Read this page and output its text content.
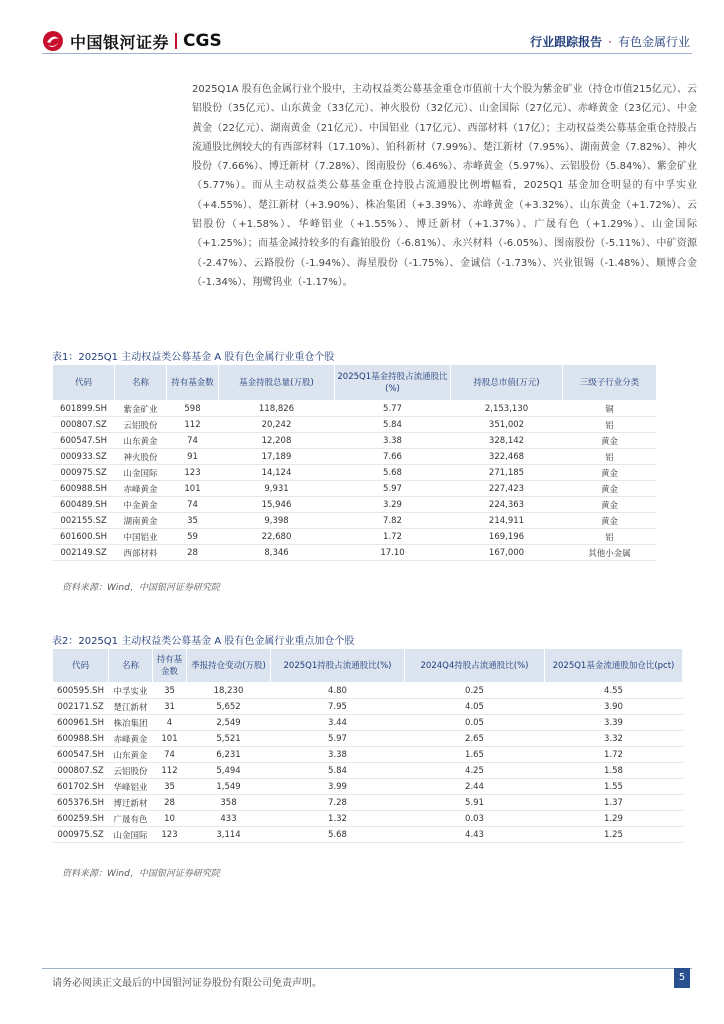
中国银河证券 CGS	行业跟踪报告 · 有色金属行业
2025Q1A 股有色金属行业个股中，主动权益类公募基金重仓市值前十大个股为紫金矿业（持仓市值215亿元）、云铝股份（35亿元）、山东黄金（33亿元）、神火股份（32亿元）、山金国际（27亿元）、赤峰黄金（23亿元）、中金黄金（22亿元）、湖南黄金（21亿元）、中国铝业（17亿元）、西部材料（17亿）；主动权益类公募基金重仓持股占流通股比例较大的有西部材料（17.10%）、铂科新材（7.99%）、楚江新材（7.95%）、湖南黄金（7.82%）、神火股份（7.66%）、博迁新材（7.28%）、图南股份（6.46%）、赤峰黄金（5.97%）、云铝股份（5.84%）、紫金矿业（5.77%）。而从主动权益类公募基金重仓持股占流通股比例增幅看，2025Q1 基金加仓明显的有中孚实业（+4.55%）、楚江新材（+3.90%）、株冶集团（+3.39%）、赤峰黄金（+3.32%）、山东黄金（+1.72%）、云铝股份（+1.58%）、华峰铝业（+1.55%）、博迁新材（+1.37%）、广晟有色（+1.29%）、山金国际（+1.25%）；而基金减持较多的有鑫铂股份（-6.81%）、永兴材料（-6.05%）、图南股份（-5.11%）、中矿资源（-2.47%）、云路股份（-1.94%）、海星股份（-1.75%）、金诚信（-1.73%）、兴业银锡（-1.48%）、顺博合金（-1.34%）、翔鹭钨业（-1.17%）。
表1：2025Q1 主动权益类公募基金 A 股有色金属行业重仓个股
代码	名称	持有基金数	基金持股总量(万股)	2025Q1基金持股占流通股比(%)	持股总市值(万元)	三级子行业分类
601899.SH	紫金矿业	598	118,826	5.77	2,153,130	铜
000807.SZ	云铝股份	112	20,242	5.84	351,002	铝
600547.SH	山东黄金	74	12,208	3.38	328,142	黄金
000933.SZ	神火股份	91	17,189	7.66	322,468	铝
000975.SZ	山金国际	123	14,124	5.68	271,185	黄金
600988.SH	赤峰黄金	101	9,931	5.97	227,423	黄金
600489.SH	中金黄金	74	15,946	3.29	224,363	黄金
002155.SZ	湖南黄金	35	9,398	7.82	214,911	黄金
601600.SH	中国铝业	59	22,680	1.72	169,196	铝
002149.SZ	西部材料	28	8,346	17.10	167,000	其他小金属
资料来源：Wind，中国银河证券研究院
表2：2025Q1 主动权益类公募基金 A 股有色金属行业重点加仓个股
代码	名称	持有基金数	季报持仓变动(万股)	2025Q1持股占流通股比(%)	2024Q4持股占流通股比(%)	2025Q1基金流通股加仓比(pct)
600595.SH	中孚实业	35	18,230	4.80	0.25	4.55
002171.SZ	楚江新材	31	5,652	7.95	4.05	3.90
600961.SH	株冶集团	4	2,549	3.44	0.05	3.39
600988.SH	赤峰黄金	101	5,521	5.97	2.65	3.32
600547.SH	山东黄金	74	6,231	3.38	1.65	1.72
000807.SZ	云铝股份	112	5,494	5.84	4.25	1.58
601702.SH	华峰铝业	35	1,549	3.99	2.44	1.55
605376.SH	博迁新材	28	358	7.28	5.91	1.37
600259.SH	广晟有色	10	433	1.32	0.03	1.29
000975.SZ	山金国际	123	3,114	5.68	4.43	1.25
资料来源：Wind，中国银河证券研究院
请务必阅读正文最后的中国银河证券股份有限公司免责声明。
5
